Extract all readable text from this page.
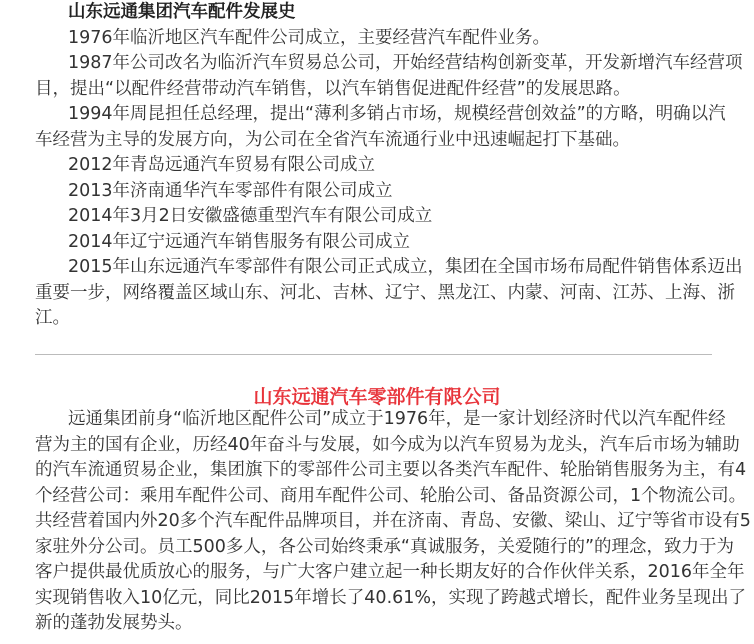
山东远通集团汽车配件发展史
1976年临沂地区汽车配件公司成立，主要经营汽车配件业务。
1987年公司改名为临沂汽车贸易总公司，开始经营结构创新变革，开发新增汽车经营项
目，提出“以配件经营带动汽车销售，以汽车销售促进配件经营”的发展思路。
1994年周昆担任总经理，提出“薄利多销占市场，规模经营创效益”的方略，明确以汽
车经营为主导的发展方向，为公司在全省汽车流通行业中迅速崛起打下基础。
2012年青岛远通汽车贸易有限公司成立
2013年济南通华汽车零部件有限公司成立
2014年3月2日安徽盛德重型汽车有限公司成立
2014年辽宁远通汽车销售服务有限公司成立
2015年山东远通汽车零部件有限公司正式成立，集团在全国市场布局配件销售体系迈出
重要一步，网络覆盖区域山东、河北、吉林、辽宁、黑龙江、内蒙、河南、江苏、上海、浙
江。
山东远通汽车零部件有限公司
远通集团前身“临沂地区配件公司”成立于1976年，是一家计划经济时代以汽车配件经
营为主的国有企业，历经40年奋斗与发展，如今成为以汽车贸易为龙头，汽车后市场为辅助
的汽车流通贸易企业，集团旗下的零部件公司主要以各类汽车配件、轮胎销售服务为主，有4
个经营公司：乘用车配件公司、商用车配件公司、轮胎公司、备品资源公司，1个物流公司。
共经营着国内外20多个汽车配件品牌项目，并在济南、青岛、安徽、梁山、辽宁等省市设有5
家驻外分公司。员工500多人，各公司始终秉承“真诚服务，关爱随行的”的理念，致力于为
客户提供最优质放心的服务，与广大客户建立起一种长期友好的合作伙伴关系，2016年全年
实现销售收入10亿元，同比2015年增长了40.61%，实现了跨越式增长，配件业务呈现出了
新的蓬勃发展势头。
